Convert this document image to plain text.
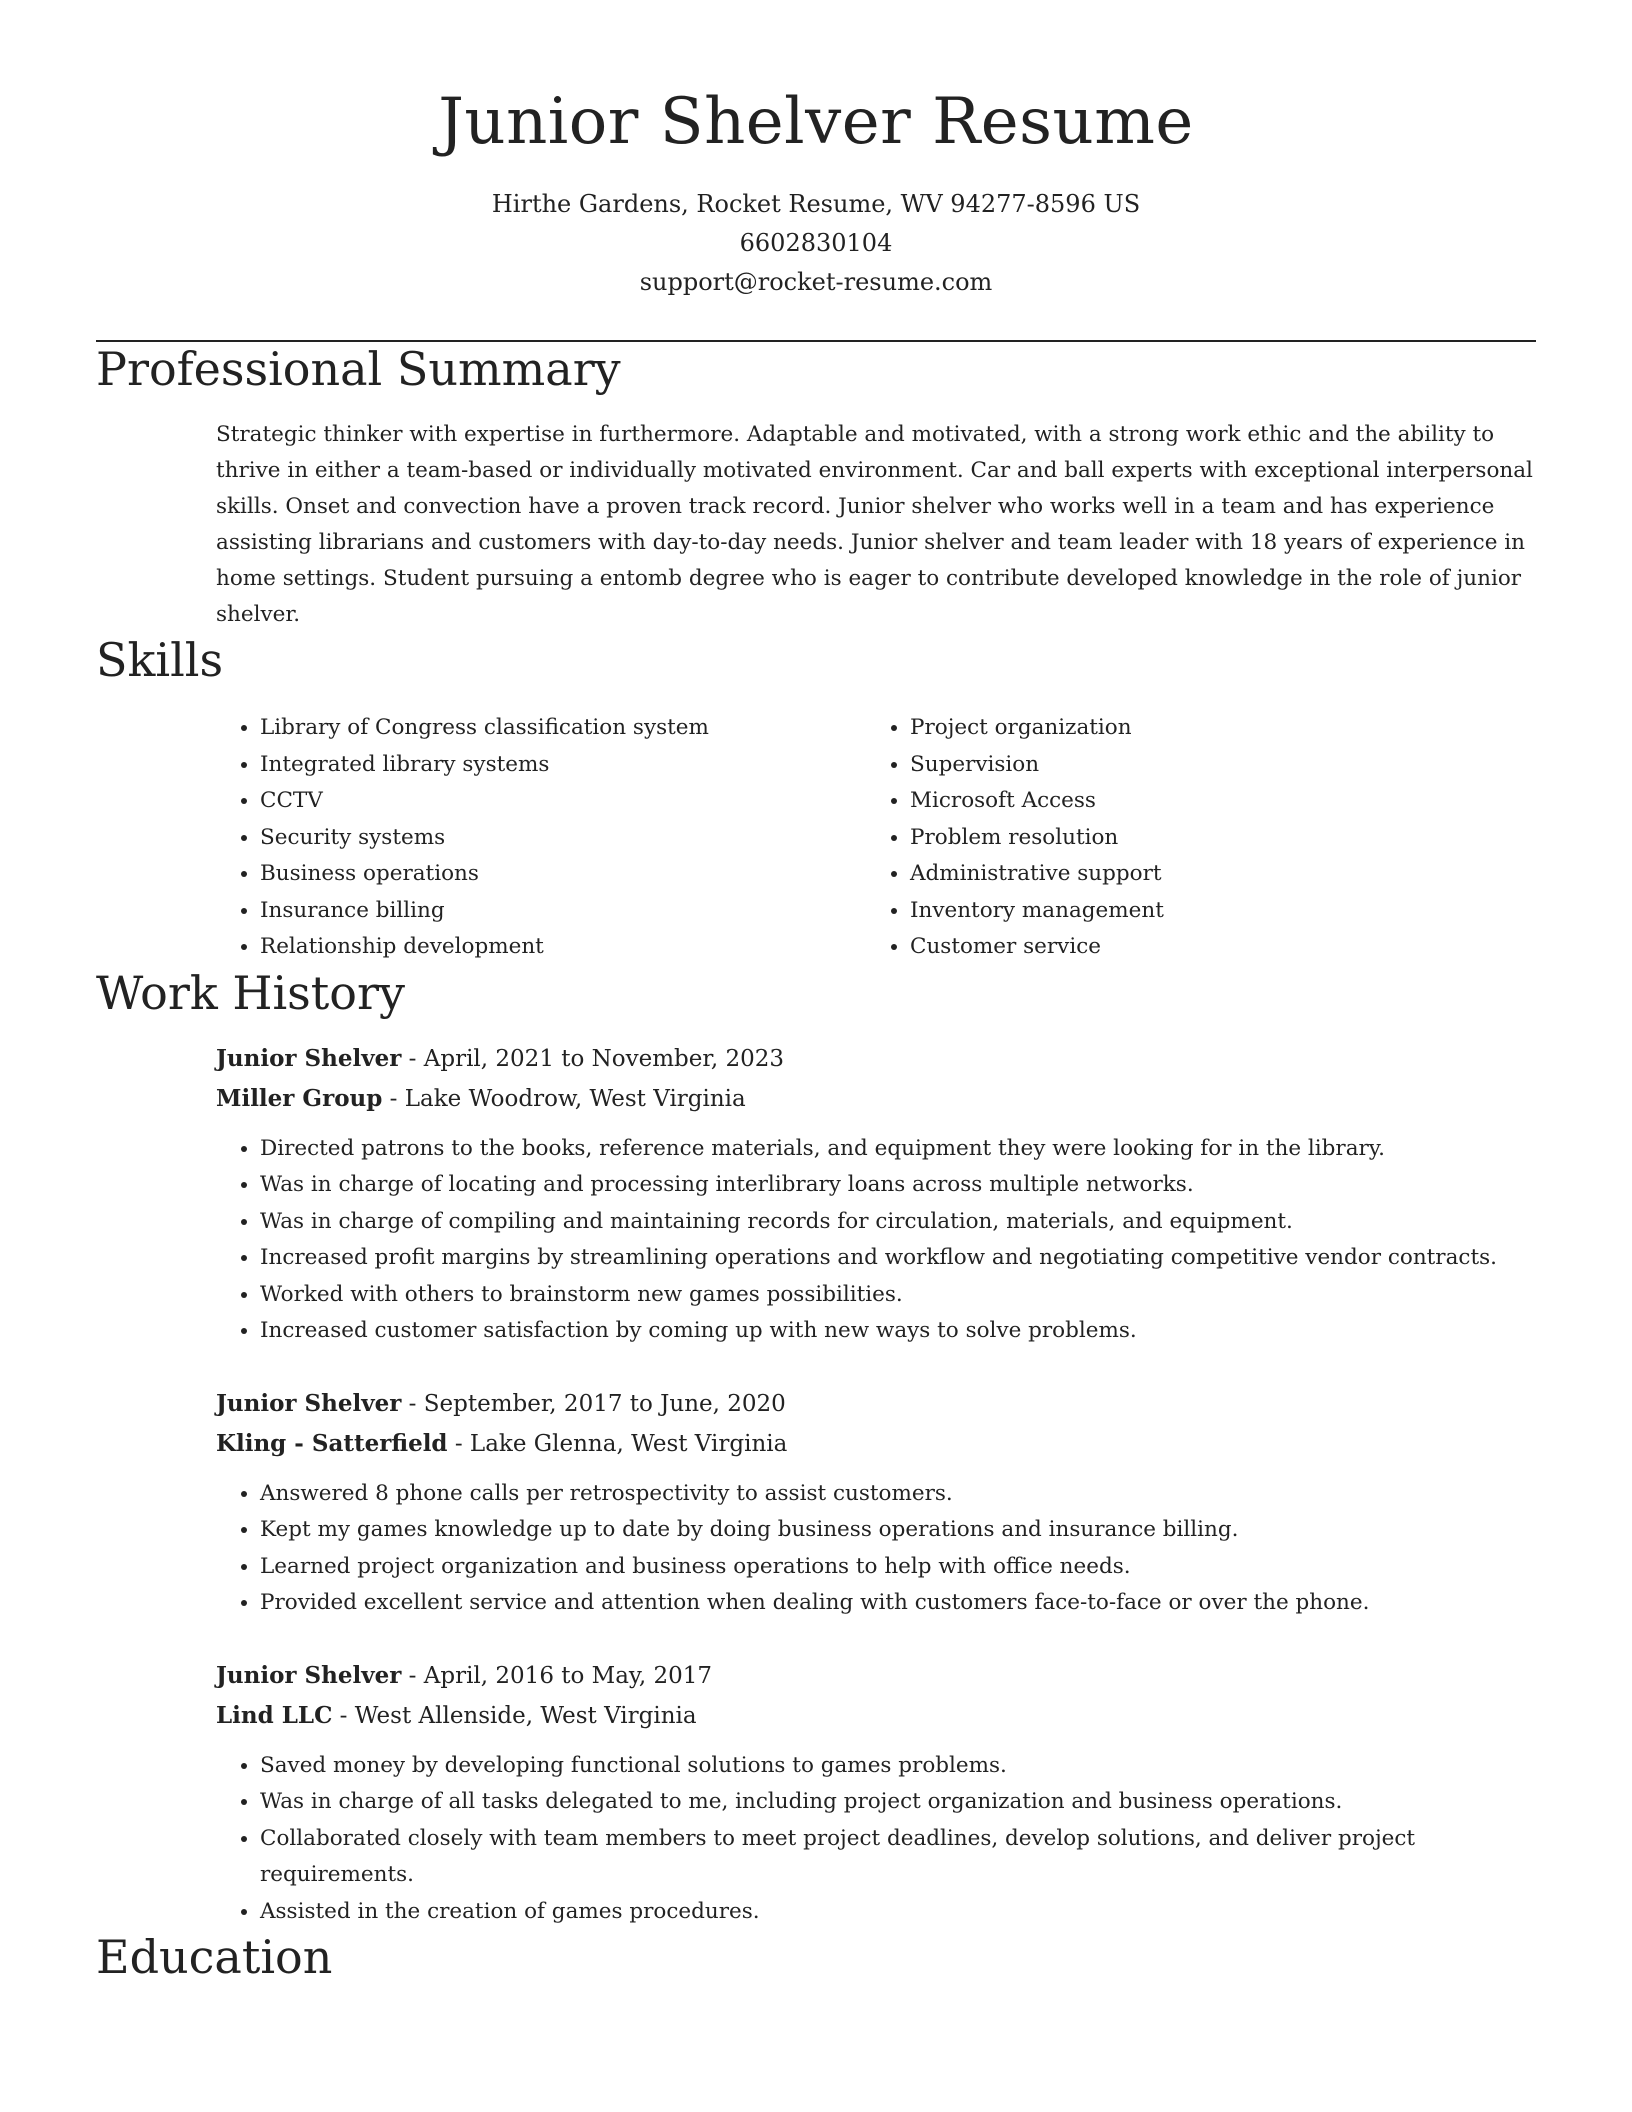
Junior Shelver Resume

Hirthe Gardens, Rocket Resume, WV 94277-8596 US

6602830104

support@rocket-resume.com

Professional Summary

Strategic thinker with expertise in furthermore. Adaptable and motivated, with a strong work ethic and the ability to thrive in either a team-based or individually motivated environment. Car and ball experts with exceptional interpersonal skills. Onset and convection have a proven track record. Junior shelver who works well in a team and has experience assisting librarians and customers with day-to-day needs. Junior shelver and team leader with 18 years of experience in home settings. Student pursuing a entomb degree who is eager to contribute developed knowledge in the role of junior shelver.

Skills
• Library of Congress classification system
• Integrated library systems
• CCTV
• Security systems
• Business operations
• Insurance billing
• Relationship development
• Project organization
• Supervision
• Microsoft Access
• Problem resolution
• Administrative support
• Inventory management
• Customer service
Work History

Junior Shelver - April, 2021 to November, 2023

Miller Group - Lake Woodrow, West Virginia

• Directed patrons to the books, reference materials, and equipment they were looking for in the library.
• Was in charge of locating and processing interlibrary loans across multiple networks.
• Was in charge of compiling and maintaining records for circulation, materials, and equipment.
• Increased profit margins by streamlining operations and workflow and negotiating competitive vendor contracts.
• Worked with others to brainstorm new games possibilities.
• Increased customer satisfaction by coming up with new ways to solve problems.

Junior Shelver - September, 2017 to June, 2020

Kling - Satterfield - Lake Glenna, West Virginia

• Answered 8 phone calls per retrospectivity to assist customers.
• Kept my games knowledge up to date by doing business operations and insurance billing.
• Learned project organization and business operations to help with office needs.
• Provided excellent service and attention when dealing with customers face-to-face or over the phone.

Junior Shelver - April, 2016 to May, 2017

Lind LLC - West Allenside, West Virginia

• Saved money by developing functional solutions to games problems.
• Was in charge of all tasks delegated to me, including project organization and business operations.
• Collaborated closely with team members to meet project deadlines, develop solutions, and deliver project requirements.
• Assisted in the creation of games procedures.
Education
